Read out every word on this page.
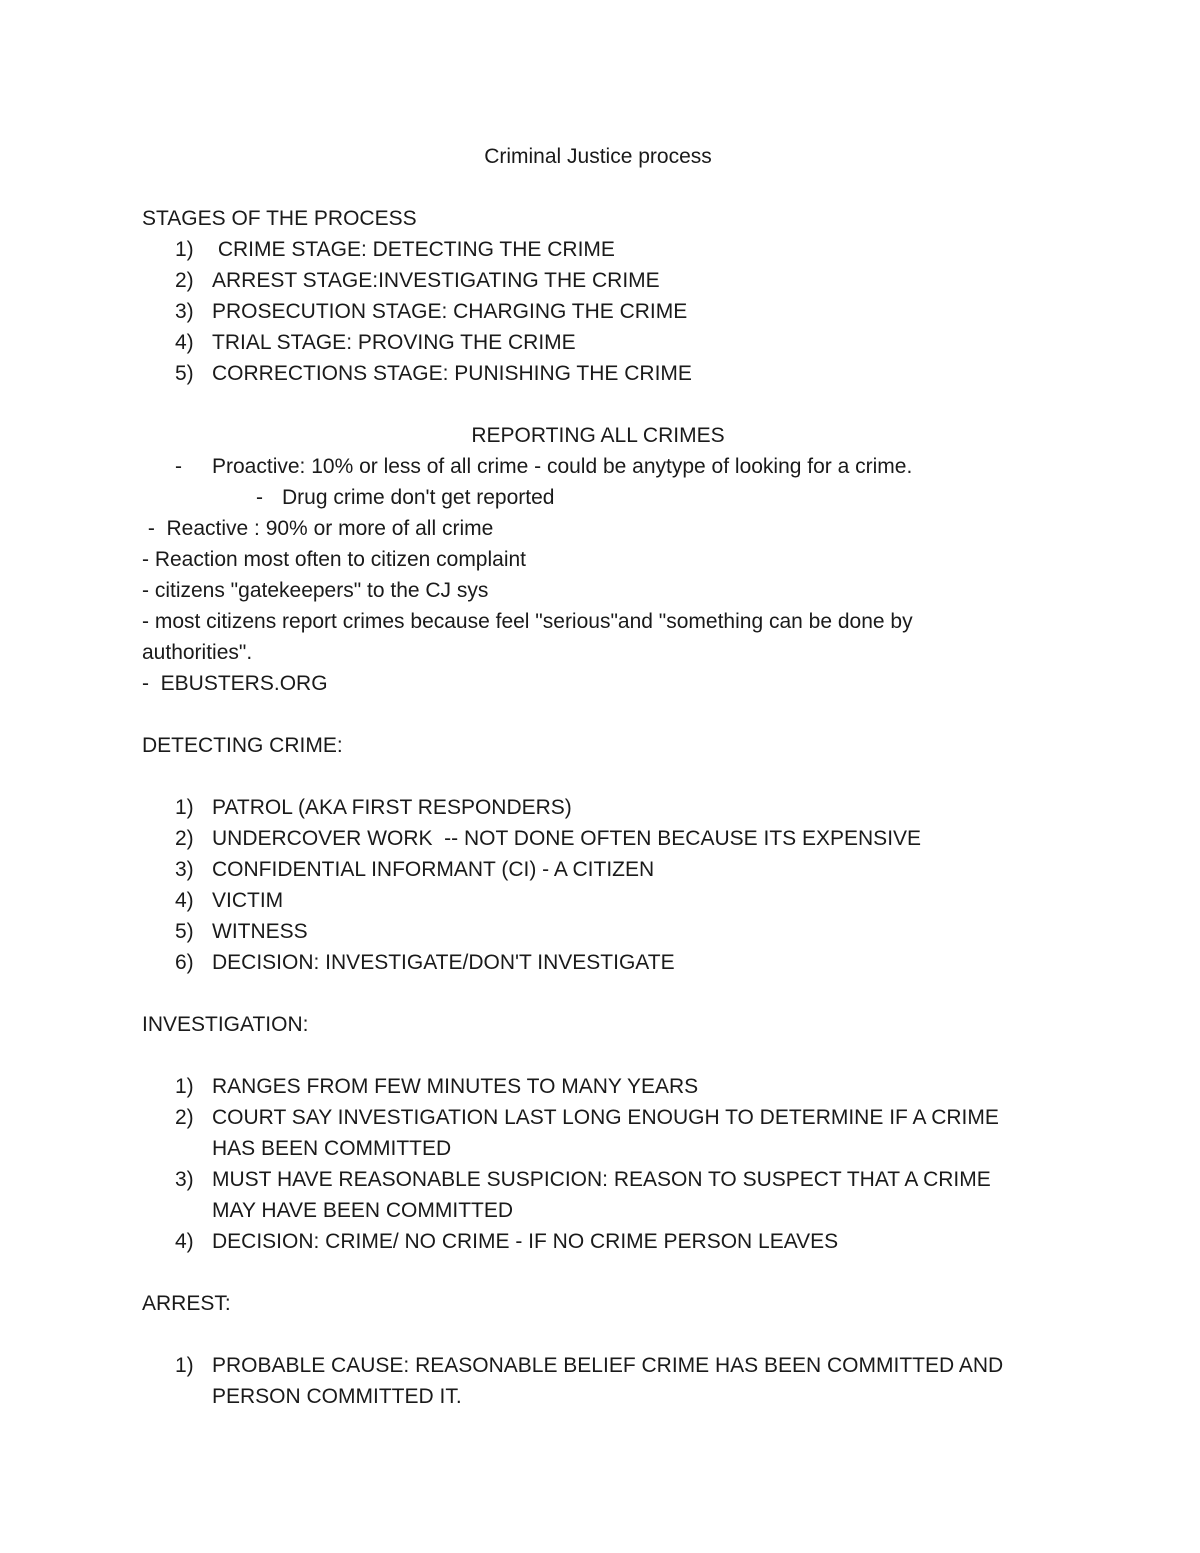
Criminal Justice process
STAGES OF THE PROCESS
1) CRIME STAGE: DETECTING THE CRIME
2) ARREST STAGE:INVESTIGATING THE CRIME
3) PROSECUTION STAGE: CHARGING THE CRIME
4) TRIAL STAGE: PROVING THE CRIME
5) CORRECTIONS STAGE: PUNISHING THE CRIME
REPORTING ALL CRIMES
- Proactive: 10% or less of all crime - could be anytype of looking for a crime.
- Drug crime don't get reported
-  Reactive : 90% or more of all crime
- Reaction most often to citizen complaint
- citizens "gatekeepers" to the CJ sys
- most citizens report crimes because feel "serious"and "something can be done by authorities".
-  EBUSTERS.ORG
DETECTING CRIME:
1) PATROL (AKA FIRST RESPONDERS)
2) UNDERCOVER WORK  -- NOT DONE OFTEN BECAUSE ITS EXPENSIVE
3) CONFIDENTIAL INFORMANT (CI) - A CITIZEN
4) VICTIM
5) WITNESS
6) DECISION: INVESTIGATE/DON'T INVESTIGATE
INVESTIGATION:
1) RANGES FROM FEW MINUTES TO MANY YEARS
2) COURT SAY INVESTIGATION LAST LONG ENOUGH TO DETERMINE IF A CRIME HAS BEEN COMMITTED
3) MUST HAVE REASONABLE SUSPICION: REASON TO SUSPECT THAT A CRIME MAY HAVE BEEN COMMITTED
4) DECISION: CRIME/ NO CRIME - IF NO CRIME PERSON LEAVES
ARREST:
1) PROBABLE CAUSE: REASONABLE BELIEF CRIME HAS BEEN COMMITTED AND PERSON COMMITTED IT.
